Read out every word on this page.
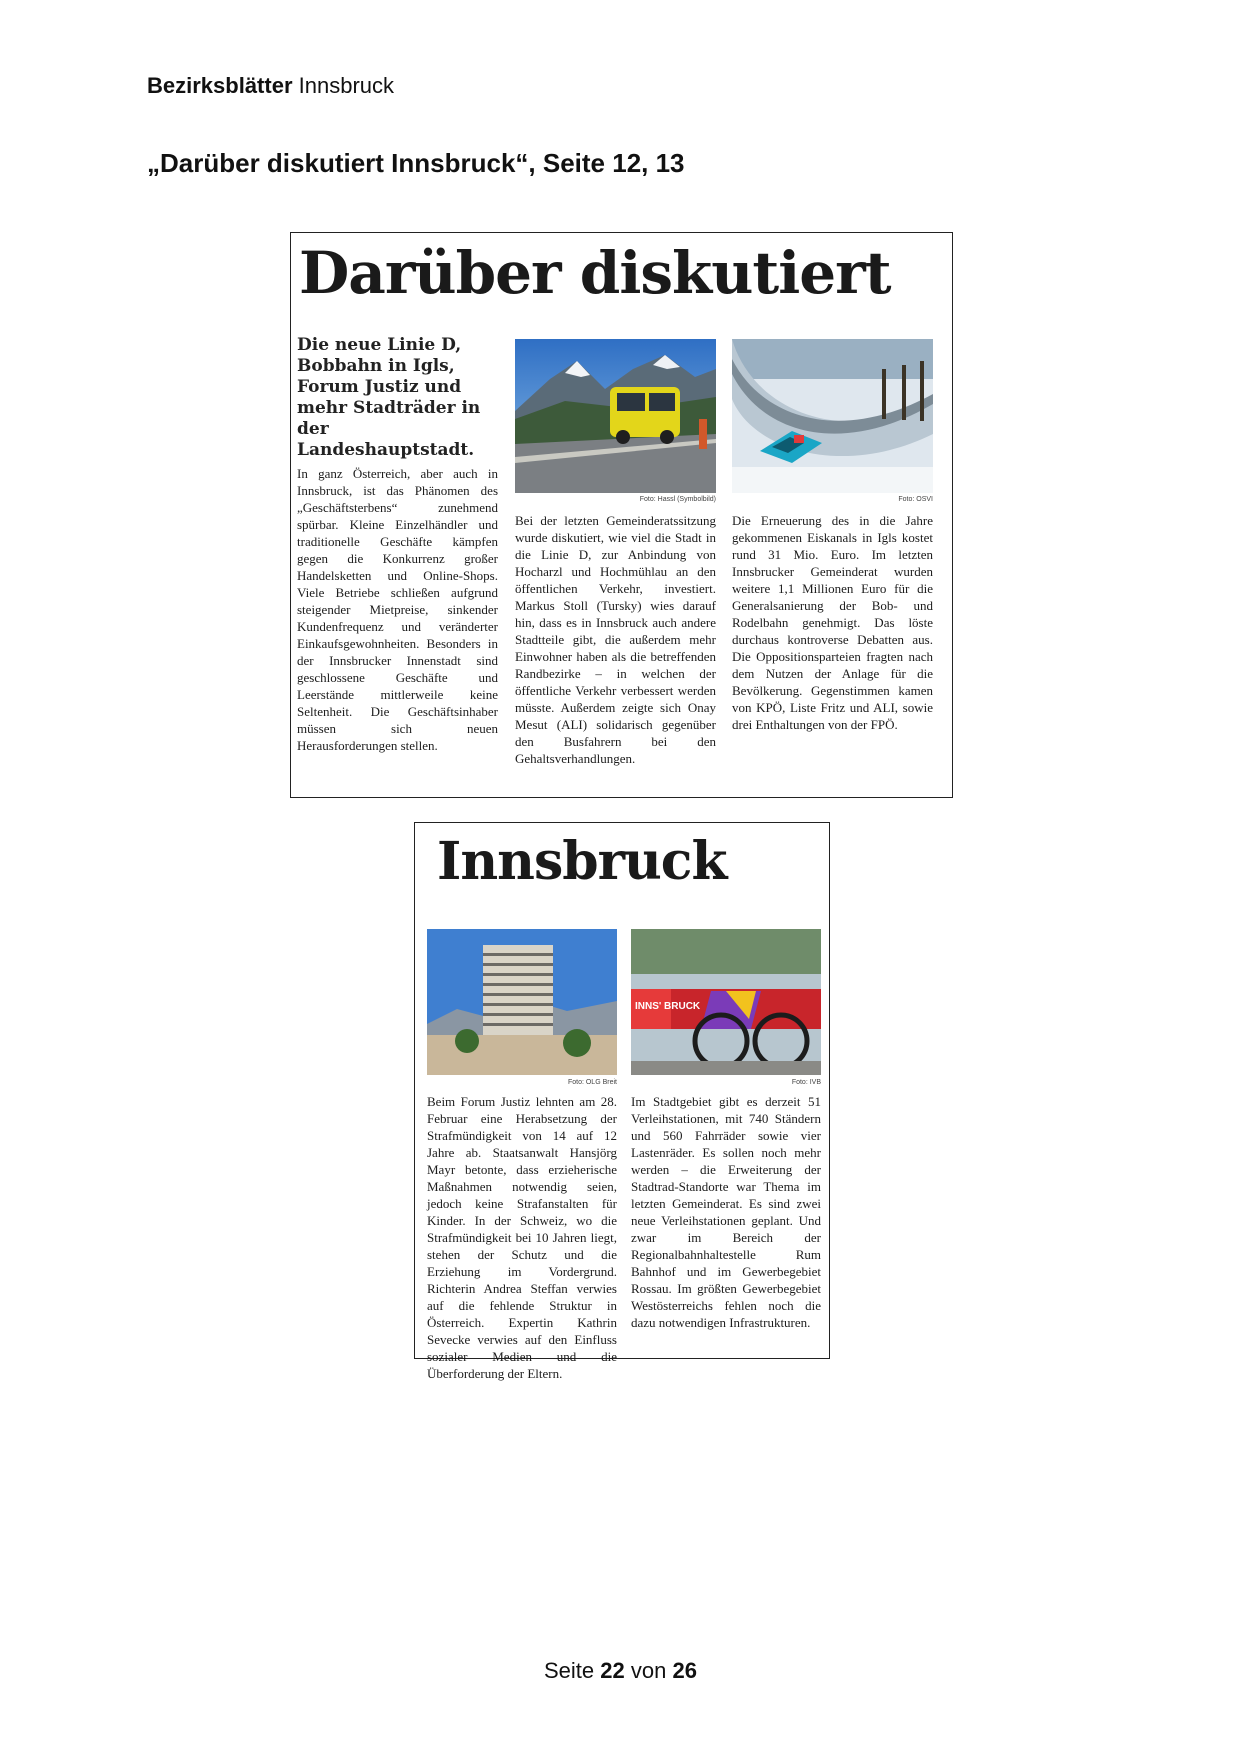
Bezirksblätter Innsbruck
„Darüber diskutiert Innsbruck“, Seite 12, 13
Darüber diskutiert

Die neue Linie D, Bobbahn in Igls, Forum Justiz und mehr Stadträder in der Landeshauptstadt.

In ganz Österreich, aber auch in Innsbruck, ist das Phänomen des „Geschäftsterbens“ zunehmend spürbar. Kleine Einzelhändler und traditionelle Geschäfte kämpfen gegen die Konkurrenz großer Handelsketten und Online-Shops. Viele Betriebe schließen aufgrund steigender Mietpreise, sinkender Kundenfrequenz und veränderter Einkaufsgewohnheiten. Besonders in der Innsbrucker Innenstadt sind geschlossene Geschäfte und Leerstände mittlerweile keine Seltenheit. Die Geschäftsinhaber müssen sich neuen Herausforderungen stellen.

Foto: Hassl (Symbolbild)

Bei der letzten Gemeinderatssitzung wurde diskutiert, wie viel die Stadt in die Linie D, zur Anbindung von Hocharzl und Hochmühlau an den öffentlichen Verkehr, investiert. Markus Stoll (Tursky) wies darauf hin, dass es in Innsbruck auch andere Stadtteile gibt, die außerdem mehr Einwohner haben als die betreffenden Randbezirke – in welchen der öffentliche Verkehr verbessert werden müsste. Außerdem zeigte sich Onay Mesut (ALI) solidarisch gegenüber den Busfahrern bei den Gehaltsverhandlungen.

Foto: OSVI

Die Erneuerung des in die Jahre gekommenen Eiskanals in Igls kostet rund 31 Mio. Euro. Im letzten Innsbrucker Gemeinderat wurden weitere 1,1 Millionen Euro für die Generalsanierung der Bob- und Rodelbahn genehmigt. Das löste durchaus kontroverse Debatten aus. Die Oppositionsparteien fragten nach dem Nutzen der Anlage für die Bevölkerung. Gegenstimmen kamen von KPÖ, Liste Fritz und ALI, sowie drei Enthaltungen von der FPÖ.

Innsbruck
Foto: OLG Breit

Beim Forum Justiz lehnten am 28. Februar eine Herabsetzung der Strafmündigkeit von 14 auf 12 Jahre ab. Staatsanwalt Hansjörg Mayr betonte, dass erzieherische Maßnahmen notwendig seien, jedoch keine Strafanstalten für Kinder. In der Schweiz, wo die Strafmündigkeit bei 10 Jahren liegt, stehen der Schutz und die Erziehung im Vordergrund. Richterin Andrea Steffan verwies auf die fehlende Struktur in Österreich. Expertin Kathrin Sevecke verwies auf den Einfluss sozialer Medien und die Überforderung der Eltern.

INNS' BRUCK
Foto: IVB

Im Stadtgebiet gibt es derzeit 51 Verleihstationen, mit 740 Ständern und 560 Fahrräder sowie vier Lastenräder. Es sollen noch mehr werden – die Erweiterung der Stadtrad-Standorte war Thema im letzten Gemeinderat. Es sind zwei neue Verleihstationen geplant. Und zwar im Bereich der Regionalbahnhaltestelle Rum Bahnhof und im Gewerbegebiet Rossau. Im größten Gewerbegebiet Westösterreichs fehlen noch die dazu notwendigen Infrastrukturen.

Seite 22 von 26
